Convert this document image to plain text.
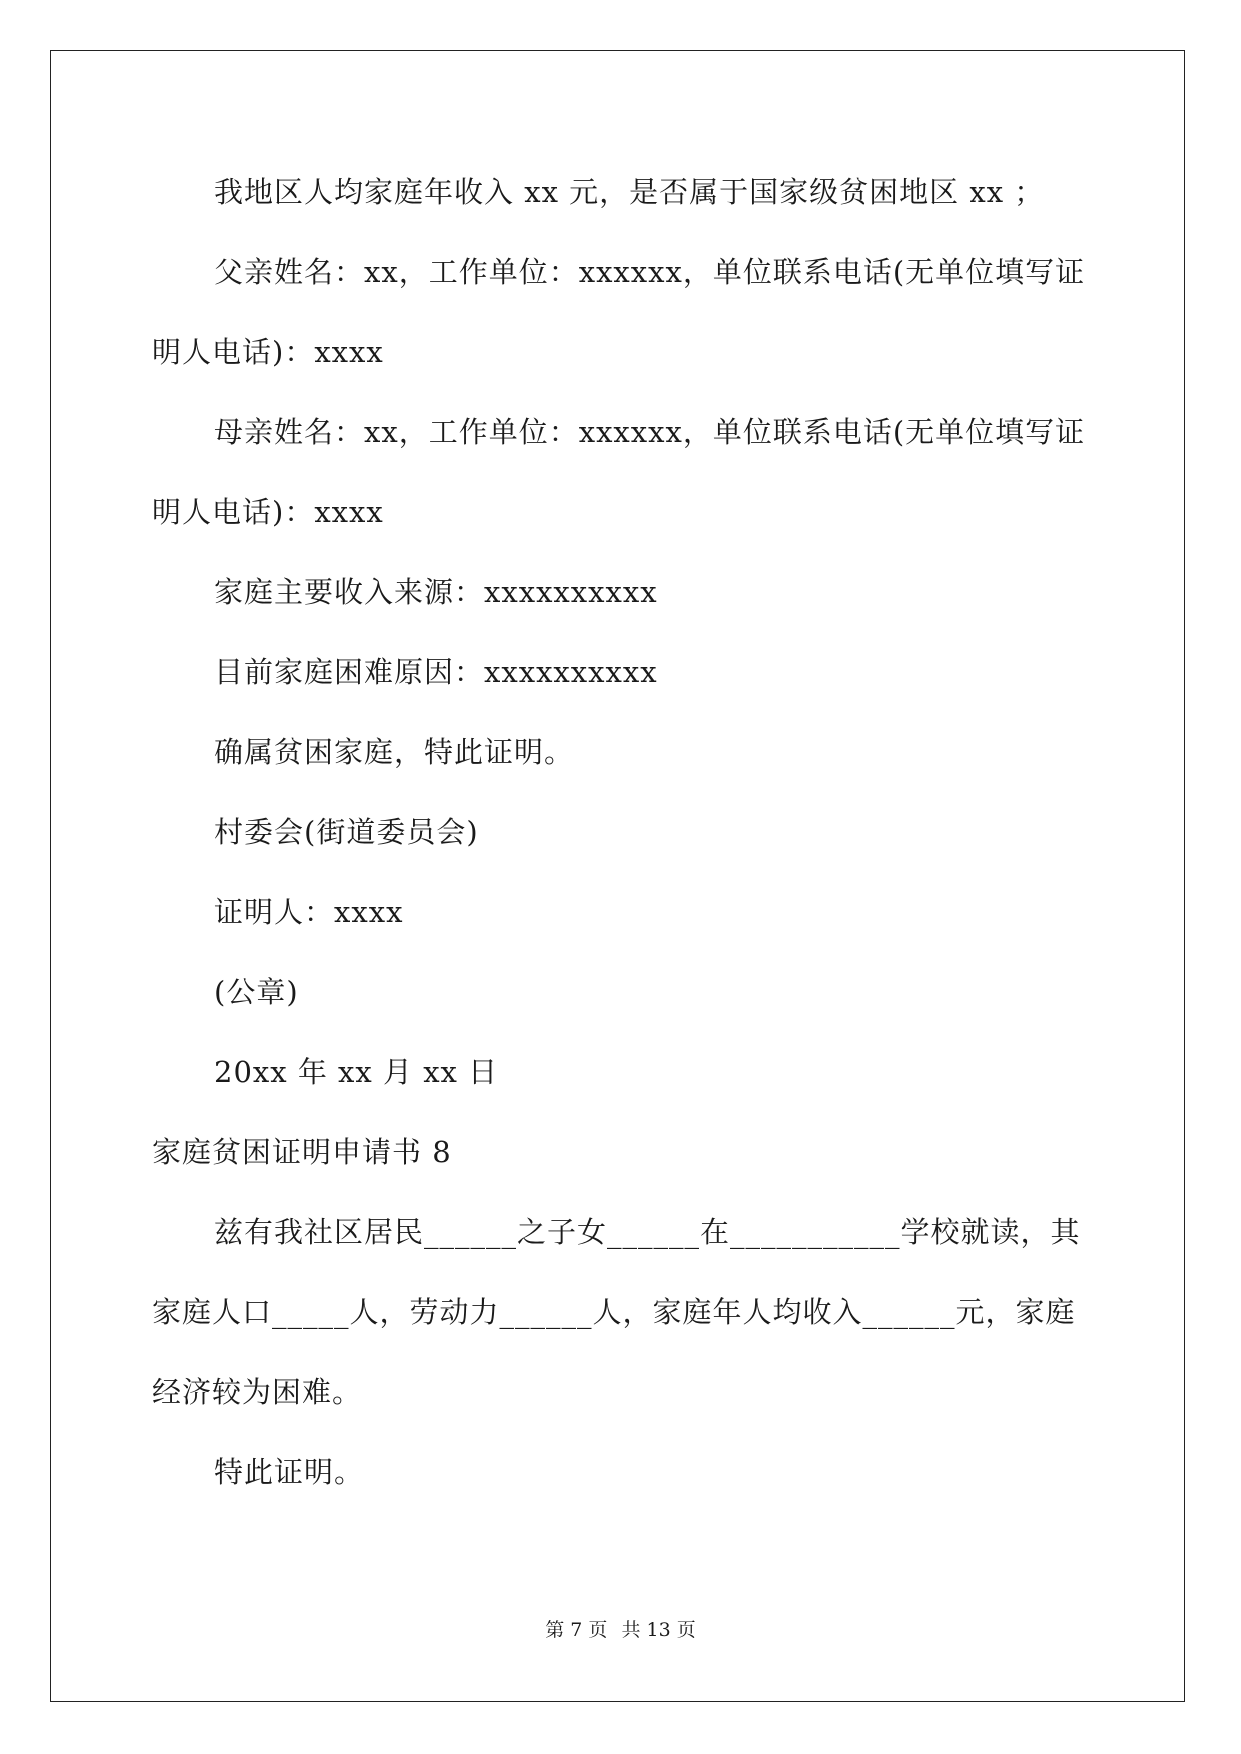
我地区人均家庭年收入 xx 元，是否属于国家级贫困地区 xx ；
父亲姓名：xx，工作单位：xxxxxx，单位联系电话(无单位填写证
明人电话)：xxxx
母亲姓名：xx，工作单位：xxxxxx，单位联系电话(无单位填写证
明人电话)：xxxx
家庭主要收入来源：xxxxxxxxxx
目前家庭困难原因：xxxxxxxxxx
确属贫困家庭，特此证明。
村委会(街道委员会)
证明人：xxxx
(公章)
20xx 年 xx 月 xx 日
家庭贫困证明申请书 8
兹有我社区居民______之子女______在___________学校就读，其
家庭人口_____人，劳动力______人，家庭年人均收入______元，家庭
经济较为困难。
特此证明。
第 7 页 共 13 页
